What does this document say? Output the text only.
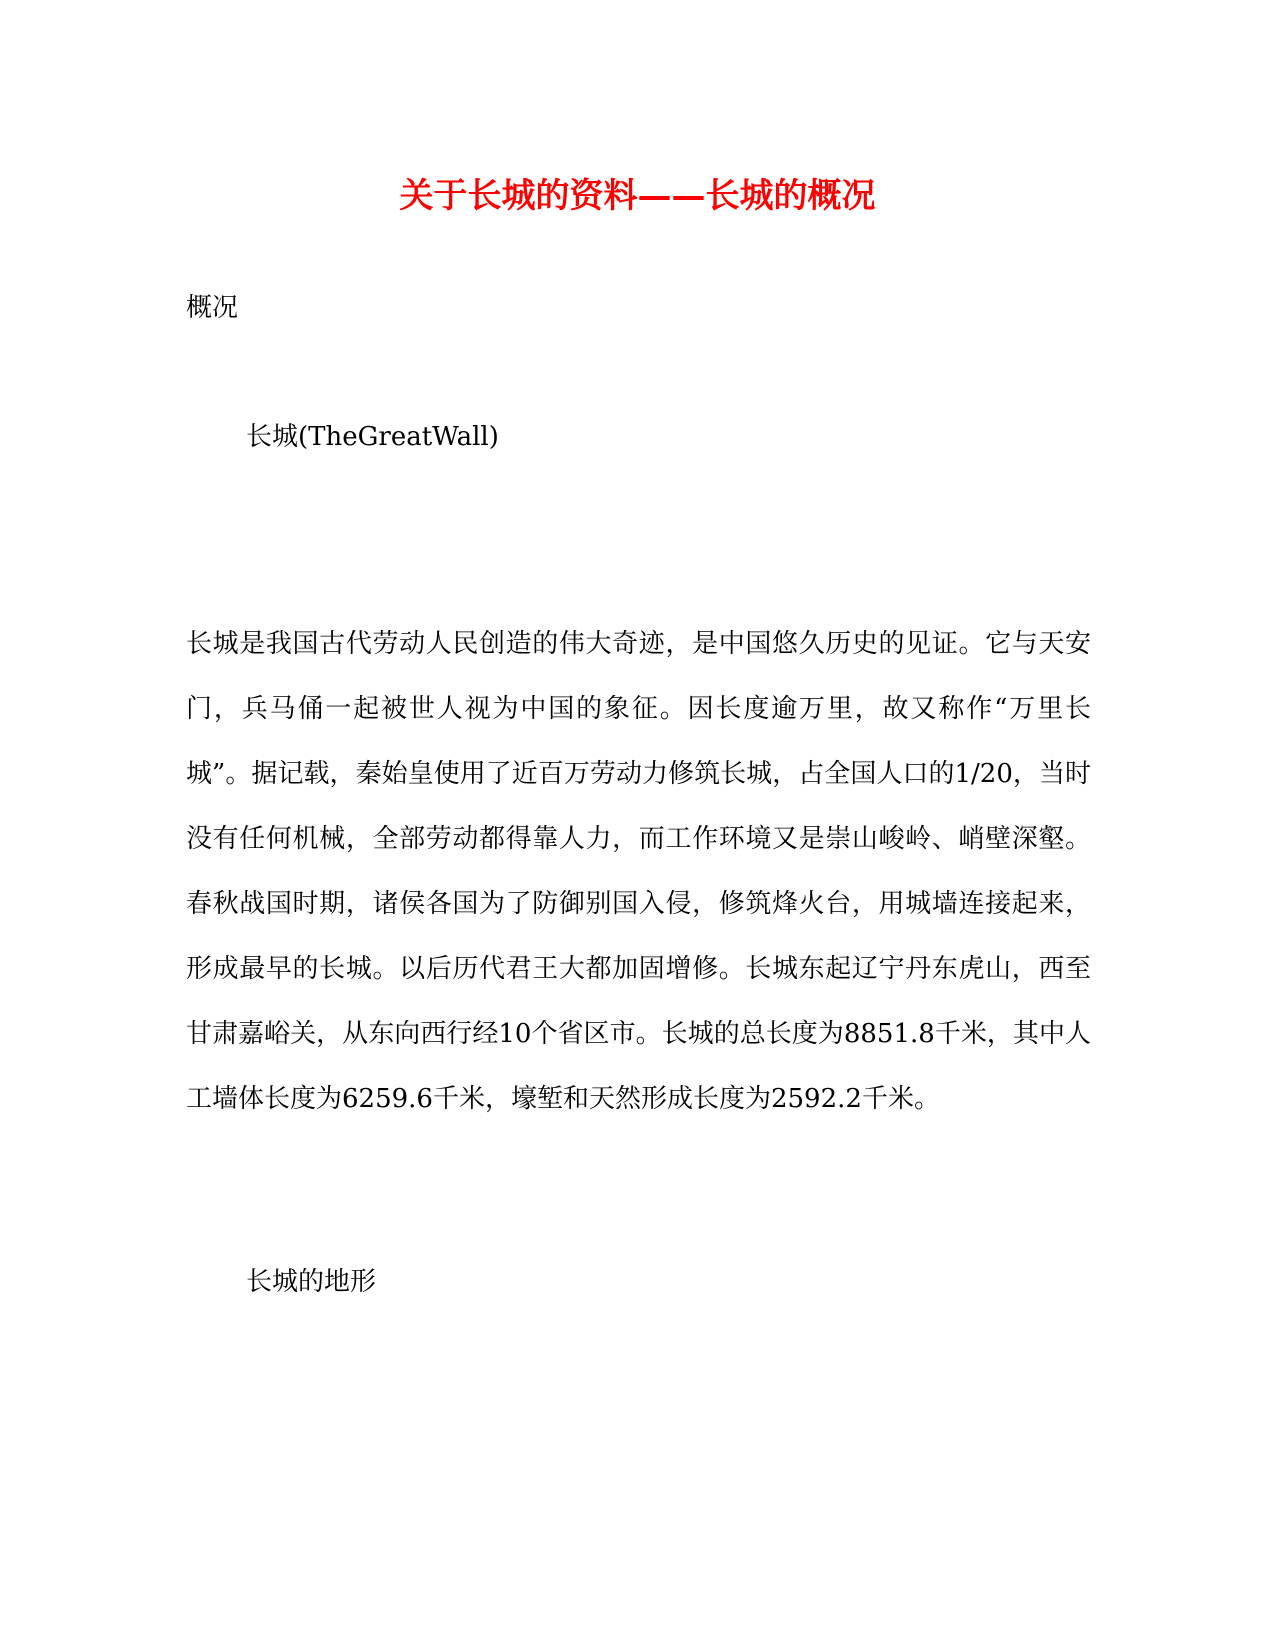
关于长城的资料——长城的概况

概况

长城(TheGreatWall)

长城是我国古代劳动人民创造的伟大奇迹，是中国悠久历史的见证。它与天安门，兵马俑一起被世人视为中国的象征。因长度逾万里，故又称作“万里长城”。据记载，秦始皇使用了近百万劳动力修筑长城，占全国人口的1/20，当时没有任何机械，全部劳动都得靠人力，而工作环境又是崇山峻岭、峭壁深壑。春秋战国时期，诸侯各国为了防御别国入侵，修筑烽火台，用城墙连接起来，形成最早的长城。以后历代君王大都加固增修。长城东起辽宁丹东虎山，西至甘肃嘉峪关，从东向西行经10个省区市。长城的总长度为8851.8千米，其中人工墙体长度为6259.6千米，壕堑和天然形成长度为2592.2千米。

长城的地形
